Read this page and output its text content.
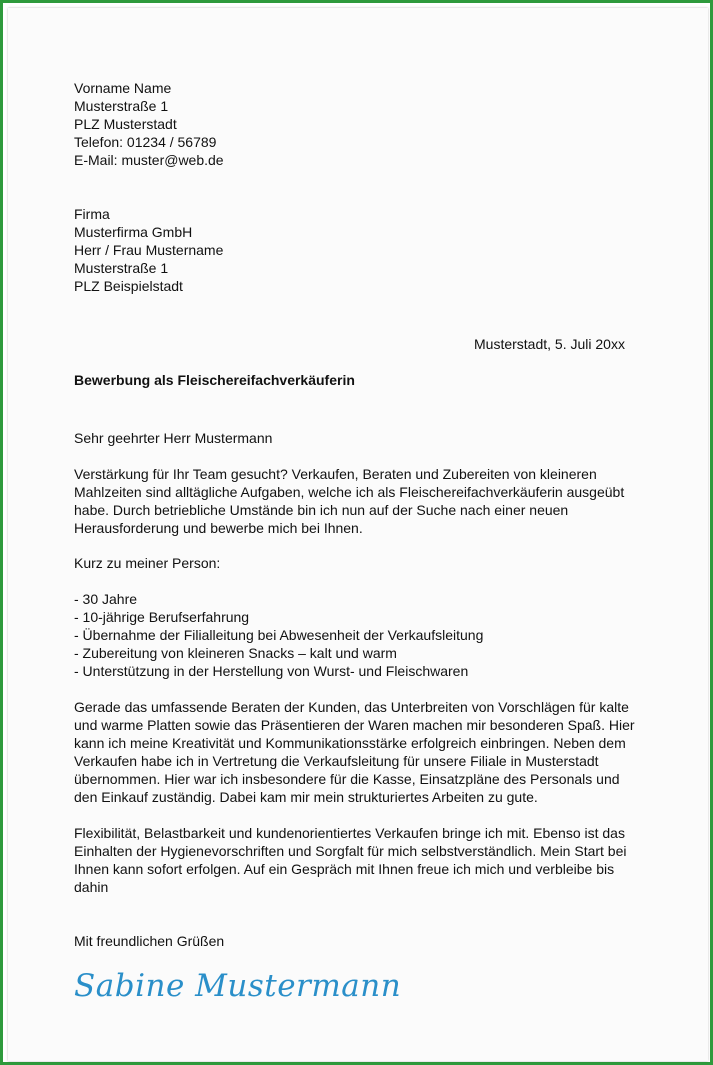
Vorname Name
Musterstraße 1
PLZ Musterstadt
Telefon: 01234 / 56789
E-Mail: muster@web.de
Firma
Musterfirma GmbH
Herr / Frau Mustername
Musterstraße 1
PLZ Beispielstadt
Musterstadt, 5. Juli 20xx
Bewerbung als Fleischereifachverkäuferin
Sehr geehrter Herr Mustermann
Verstärkung für Ihr Team gesucht? Verkaufen, Beraten und Zubereiten von kleineren
Mahlzeiten sind alltägliche Aufgaben, welche ich als Fleischereifachverkäuferin ausgeübt
habe. Durch betriebliche Umstände bin ich nun auf der Suche nach einer neuen
Herausforderung und bewerbe mich bei Ihnen.
Kurz zu meiner Person:
- 30 Jahre
- 10-jährige Berufserfahrung
- Übernahme der Filialleitung bei Abwesenheit der Verkaufsleitung
- Zubereitung von kleineren Snacks – kalt und warm
- Unterstützung in der Herstellung von Wurst- und Fleischwaren
Gerade das umfassende Beraten der Kunden, das Unterbreiten von Vorschlägen für kalte
und warme Platten sowie das Präsentieren der Waren machen mir besonderen Spaß. Hier
kann ich meine Kreativität und Kommunikationsstärke erfolgreich einbringen. Neben dem
Verkaufen habe ich in Vertretung die Verkaufsleitung für unsere Filiale in Musterstadt
übernommen. Hier war ich insbesondere für die Kasse, Einsatzpläne des Personals und
den Einkauf zuständig. Dabei kam mir mein strukturiertes Arbeiten zu gute.
Flexibilität, Belastbarkeit und kundenorientiertes Verkaufen bringe ich mit. Ebenso ist das
Einhalten der Hygienevorschriften und Sorgfalt für mich selbstverständlich. Mein Start bei
Ihnen kann sofort erfolgen. Auf ein Gespräch mit Ihnen freue ich mich und verbleibe bis
dahin
Mit freundlichen Grüßen
Sabine Mustermann
